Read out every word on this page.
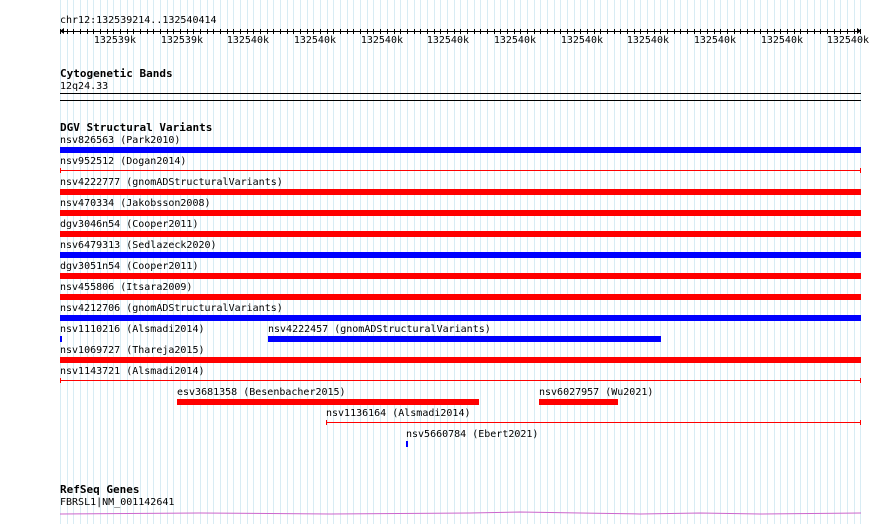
chr12:132539214..132540414
132539k 132539k 132540k 132540k 132540k 132540k 132540k 132540k 132540k 132540k 132540k 132540k
Cytogenetic Bands
12q24.33
DGV Structural Variants
nsv826563 (Park2010)
nsv952512 (Dogan2014)
nsv4222777 (gnomADStructuralVariants)
nsv470334 (Jakobsson2008)
dgv3046n54 (Cooper2011)
nsv6479313 (Sedlazeck2020)
dgv3051n54 (Cooper2011)
nsv455806 (Itsara2009)
nsv4212706 (gnomADStructuralVariants)
nsv1110216 (Alsmadi2014)	nsv4222457 (gnomADStructuralVariants)
nsv1069727 (Thareja2015)
nsv1143721 (Alsmadi2014)
esv3681358 (Besenbacher2015)	nsv6027957 (Wu2021)
nsv1136164 (Alsmadi2014)
nsv5660784 (Ebert2021)
RefSeq Genes
FBRSL1|NM_001142641
